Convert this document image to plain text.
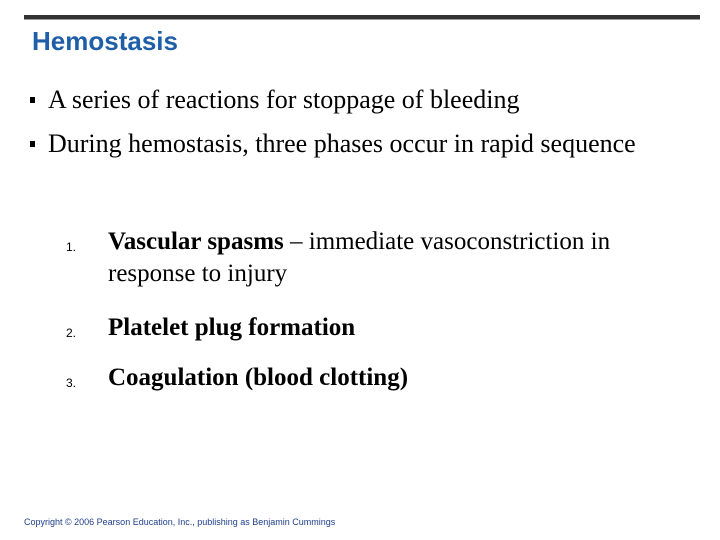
Hemostasis
A series of reactions for stoppage of bleeding
During hemostasis, three phases occur in rapid sequence
1. Vascular spasms – immediate vasoconstriction in response to injury
2. Platelet plug formation
3. Coagulation (blood clotting)
Copyright © 2006 Pearson Education, Inc., publishing as Benjamin Cummings
